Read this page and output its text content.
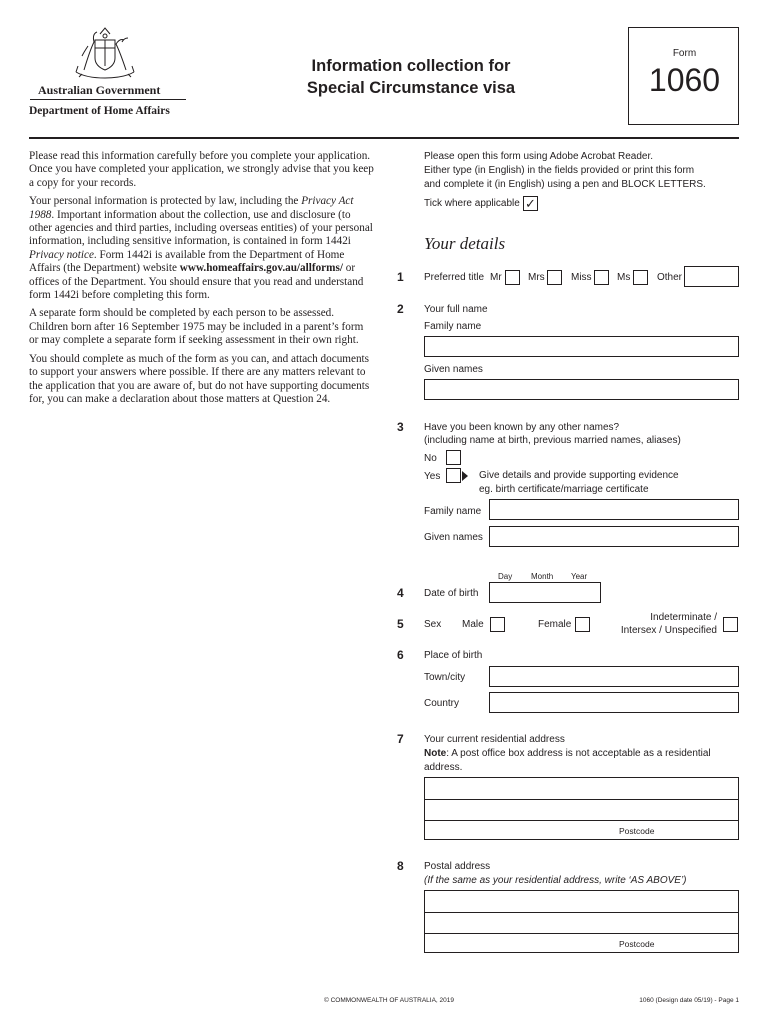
Australian Government
Department of Home Affairs
Information collection for
Special Circumstance visa
Form
1060

Please read this information carefully before you complete your application. Once you have completed your application, we strongly advise that you keep a copy for your records.

Your personal information is protected by law, including the Privacy Act 1988. Important information about the collection, use and disclosure (to other agencies and third parties, including overseas entities) of your personal information, including sensitive information, is contained in form 1442i Privacy notice. Form 1442i is available from the Department of Home Affairs (the Department) website www.homeaffairs.gov.au/allforms/ or offices of the Department. You should ensure that you read and understand form 1442i before completing this form.

A separate form should be completed by each person to be assessed. Children born after 16 September 1975 may be included in a parent’s form or may complete a separate form if seeking assessment in their own right.

You should complete as much of the form as you can, and attach documents to support your answers where possible. If there are any matters relevant to the application that you are aware of, but do not have supporting documents for, you can make a declaration about those matters at Question 24.

Please open this form using Adobe Acrobat Reader.
Either type (in English) in the fields provided or print this form
and complete it (in English) using a pen and BLOCK LETTERS.
Tick where applicable ✓
Your details
1 Preferred title Mr	Mrs	Miss	Ms	Other
2 Your full name
Family name
Given names
3 Have you been known by any other names?
(including name at birth, previous married names, aliases)
No
Yes	Give details and provide supporting evidence
eg. birth certificate/marriage certificate
Family name
Given names
Day Month Year
4 Date of birth
5 Sex Male	Female
Indeterminate /
Intersex / Unspecified
6 Place of birth
Town/city
Country
7 Your current residential address
Note: A post office box address is not acceptable as a residential
address.
Postcode
8 Postal address
(If the same as your residential address, write ‘AS ABOVE’)
Postcode
© COMMONWEALTH OF AUSTRALIA, 2019	1060 (Design date 05/19) - Page 1
